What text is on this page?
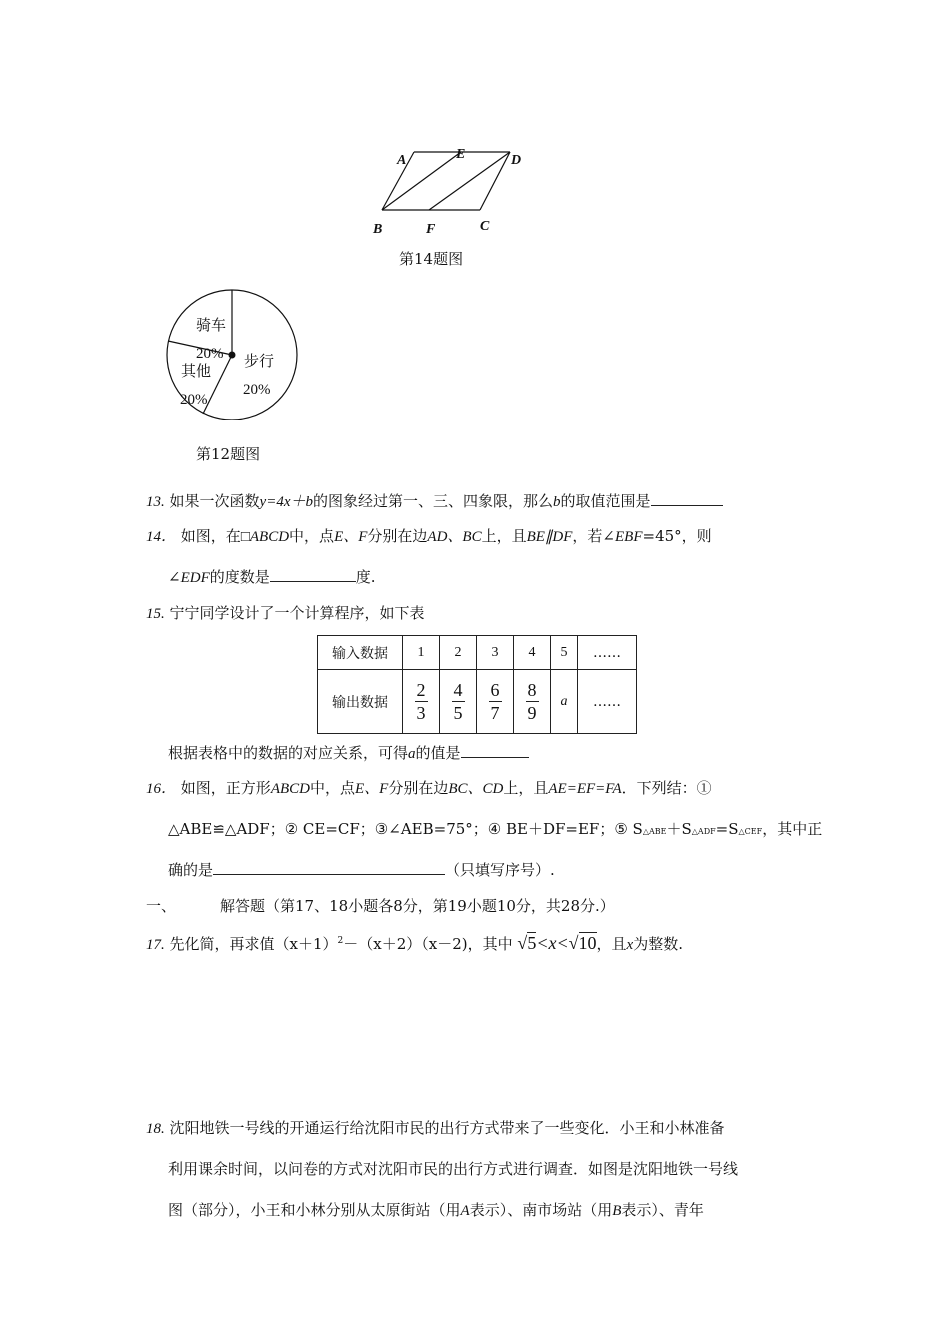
A	E	D
B	F	C
第14题图
骑车
20% 步行
20%
其他
20%
第12题图
13. 如果一次函数y=4x＋b的图象经过第一、三、四象限，那么b的取值范围是
14． 如图，在□ABCD中，点E、F分别在边AD、BC上，且BE∥DF，若∠EBF=45°，则
∠EDF的度数是	度.
15. 宁宁同学设计了一个计算程序，如下表
输入数据	1	2	3	4	5	……
输出数据	$\frac{2}{3}$	$\frac{4}{5}$	$\frac{6}{7}$	$\frac{8}{9}$	a	……
根据表格中的数据的对应关系，可得a的值是
16． 如图，正方形ABCD中，点E、F分别在边BC、CD上，且AE=EF=FA．下列结：①
△ABE≌△ADF；② CE=CF；③∠AEB=75°；④ BE＋DF=EF；⑤ S△ABE＋S△ADF=S△CEF，其中正
确的是	（只填写序号）.
一、	解答题（第17、18小题各8分，第19小题10分，共28分.）
17. 先化简，再求值$(x+1)^2-(x+2)(x-2)$，其中 √5<x<√10，且x为整数.
18. 沈阳地铁一号线的开通运行给沈阳市民的出行方式带来了一些变化．小王和小林准备
利用课余时间，以问卷的方式对沈阳市民的出行方式进行调查．如图是沈阳地铁一号线
图（部分），小王和小林分别从太原街站（用A表示）、南市场站（用B表示）、青年
